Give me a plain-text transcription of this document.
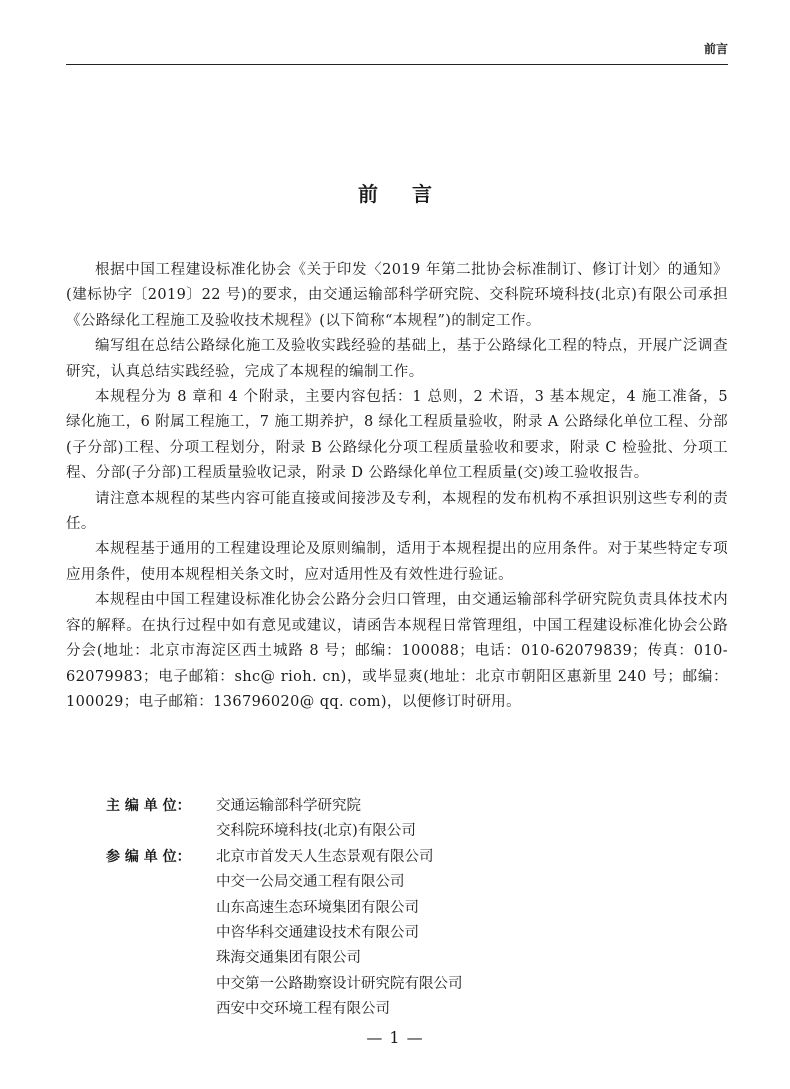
前言
前言

根据中国工程建设标准化协会《关于印发〈2019 年第二批协会标准制订、修订计划〉的通知》(建标协字〔2019〕22 号)的要求，由交通运输部科学研究院、交科院环境科技(北京)有限公司承担《公路绿化工程施工及验收技术规程》(以下简称“本规程”)的制定工作。

编写组在总结公路绿化施工及验收实践经验的基础上，基于公路绿化工程的特点，开展广泛调查研究，认真总结实践经验，完成了本规程的编制工作。

本规程分为 8 章和 4 个附录，主要内容包括：1 总则，2 术语，3 基本规定，4 施工准备，5 绿化施工，6 附属工程施工，7 施工期养护，8 绿化工程质量验收，附录 A 公路绿化单位工程、分部(子分部)工程、分项工程划分，附录 B 公路绿化分项工程质量验收和要求，附录 C 检验批、分项工程、分部(子分部)工程质量验收记录，附录 D 公路绿化单位工程质量(交)竣工验收报告。

请注意本规程的某些内容可能直接或间接涉及专利，本规程的发布机构不承担识别这些专利的责任。

本规程基于通用的工程建设理论及原则编制，适用于本规程提出的应用条件。对于某些特定专项应用条件，使用本规程相关条文时，应对适用性及有效性进行验证。

本规程由中国工程建设标准化协会公路分会归口管理，由交通运输部科学研究院负责具体技术内容的解释。在执行过程中如有意见或建议，请函告本规程日常管理组，中国工程建设标准化协会公路分会(地址：北京市海淀区西土城路 8 号；邮编：100088；电话：010-62079839；传真：010-62079983；电子邮箱：shc@ rioh. cn)，或毕显爽(地址：北京市朝阳区惠新里 240 号；邮编：100029；电子邮箱：136796020@ qq. com)，以便修订时研用。

主 编 单 位：	交通运输部科学研究院
交科院环境科技(北京)有限公司
参 编 单 位：	北京市首发天人生态景观有限公司
中交一公局交通工程有限公司
山东高速生态环境集团有限公司
中咨华科交通建设技术有限公司
珠海交通集团有限公司
中交第一公路勘察设计研究院有限公司
西安中交环境工程有限公司
— 1 —
